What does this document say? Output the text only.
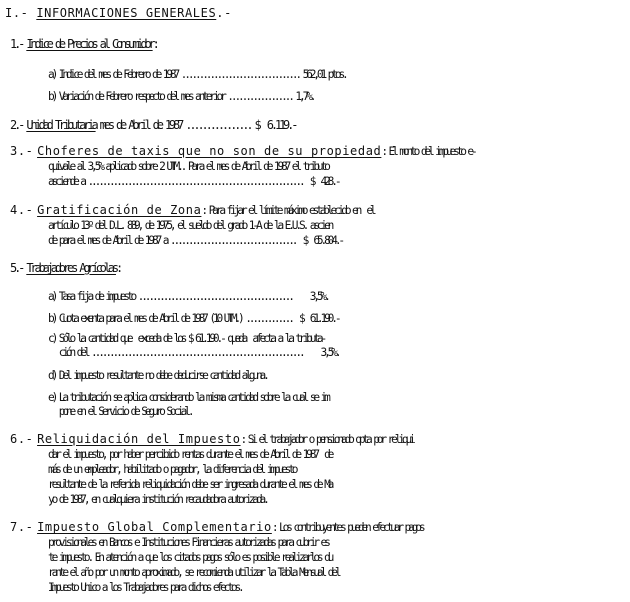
I.- INFORMACIONES GENERALES.-
1.- Indice de Precios al Consumidor:
a) Indice del mes de Febrero de 1987 ................................. 562,01 ptos.
b) Variación de Febrero respecto del mes anterior .................. 1,7%.
2.- Unidad Tributaria mes de Abril de 1987 ................ $  6.119.-
3.- Choferes de taxis que no son de su propiedad: El monto del impuesto e-
quivale al 3,5% aplicado sobre 2 UTM.. Para el mes de Abril de 1987 el tributo
asciende a ............................................................  $  428.-
4.- Gratificación de Zona: Para fijar el límite máximo establecido en  el
artículo 13º del D.L. 889, de 1975, el sueldo del grado 1-A de la E.U.S. ascien
de para el mes de Abril de 1987 a ...................................  $  65.804.-
5.- Trabajadores Agrícolas:
a) Tasa fija de impuesto ...........................................     3,5%.
b) Cuota exenta para el mes de Abril de 1987 (10 UTM.) .............  $  61.190.-
c) Sólo la cantidad que  exceda de los $ 61.190.- queda  afecta a la tributa-
ción del ...........................................................     3,5%.
d) Del impuesto resultante no debe deducirse cantidad alguna.
e) La tributación se aplica considerando la misma cantidad sobre la cual se im
pone en el Servicio de Seguro Social.
6.- Reliquidación del Impuesto: Si el trabajador o pensionado opta por reliqui
dar el impuesto, por haber percibido rentas durante el mes de Abril de 1987  de
más de un empleador, habilitado o pagador, la diferencia del impuesto
resultante de la referida reliquidación debe ser ingresada durante el mes de Ma
yo de 1987, en cualquiera institución recaudadora autorizada.
7.- Impuesto Global Complementario: Los contribuyentes pueden efectuar pagos
provisionales en Bancos e Instituciones Financieras autorizadas para cubrir es
te impuesto. En atención a que los citados pagos sólo es posible realizarlos du
rante el año por un monto aproximado, se recomienda utilizar la Tabla Mensual del
Impuesto Unico a los Trabajadores para dichos efectos.
